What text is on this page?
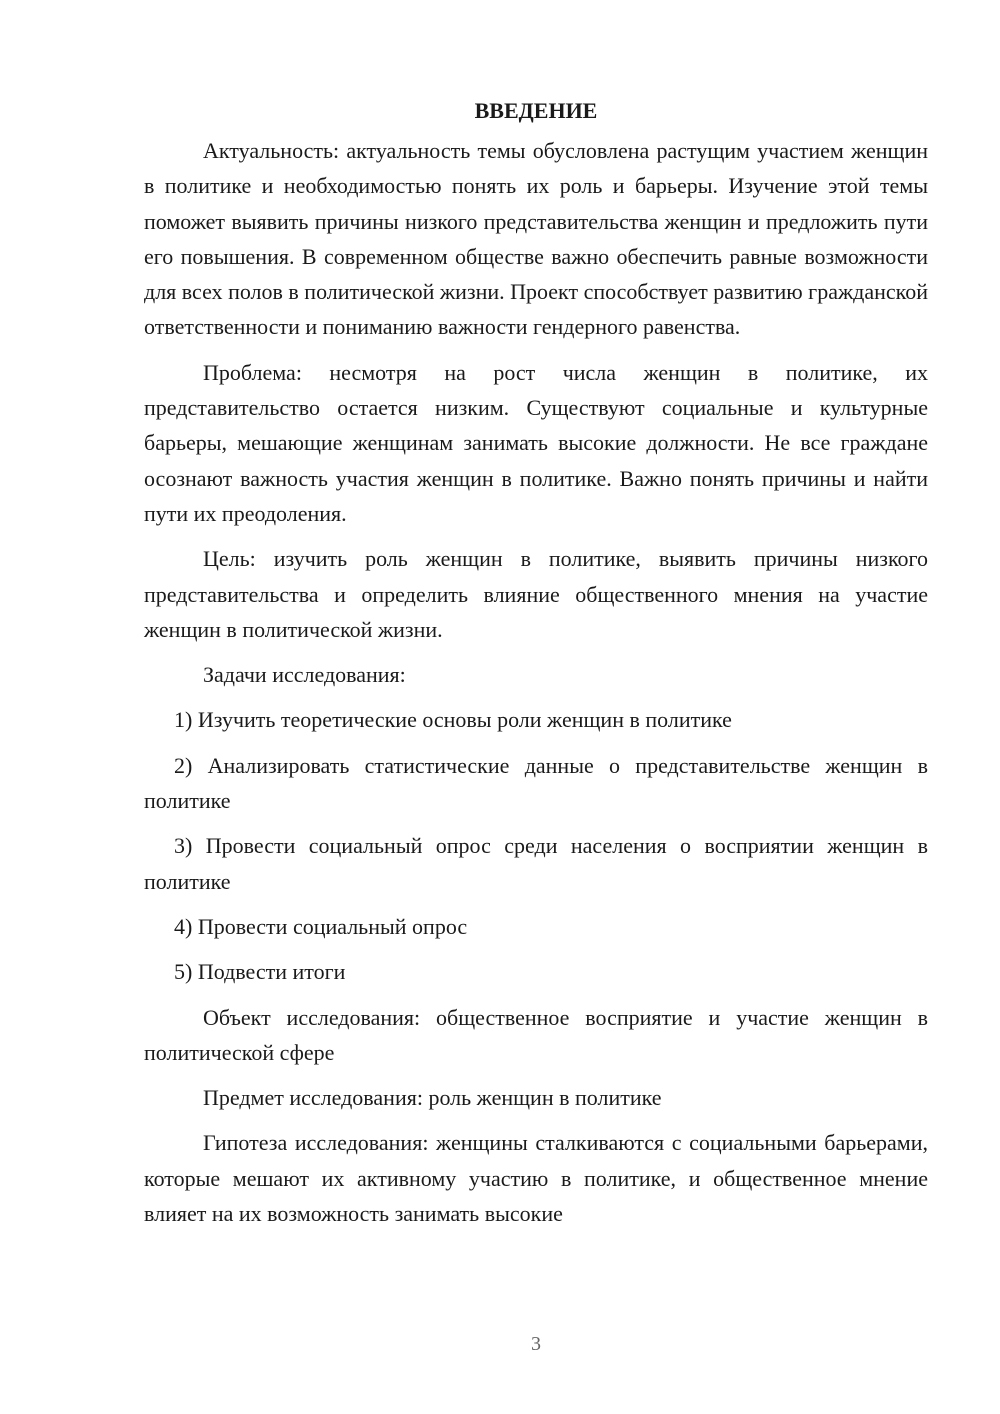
ВВЕДЕНИЕ

Актуальность: актуальность темы обусловлена растущим участием женщин в политике и необходимостью понять их роль и барьеры. Изучение этой темы поможет выявить причины низкого представительства женщин и предложить пути его повышения. В современном обществе важно обеспечить равные возможности для всех полов в политической жизни. Проект способствует развитию гражданской ответственности и пониманию важности гендерного равенства.

Проблема: несмотря на рост числа женщин в политике, их представительство остается низким. Существуют социальные и культурные барьеры, мешающие женщинам занимать высокие должности. Не все граждане осознают важность участия женщин в политике. Важно понять причины и найти пути их преодоления.

Цель: изучить роль женщин в политике, выявить причины низкого представительства и определить влияние общественного мнения на участие женщин в политической жизни.

Задачи исследования:

1) Изучить теоретические основы роли женщин в политике

2) Анализировать статистические данные о представительстве женщин в политике

3) Провести социальный опрос среди населения о восприятии женщин в политике

4) Провести социальный опрос

5) Подвести итоги

Объект исследования: общественное восприятие и участие женщин в политической сфере

Предмет исследования: роль женщин в политике

Гипотеза исследования: женщины сталкиваются с социальными барьерами, которые мешают их активному участию в политике, и общественное мнение влияет на их возможность занимать высокие

3
